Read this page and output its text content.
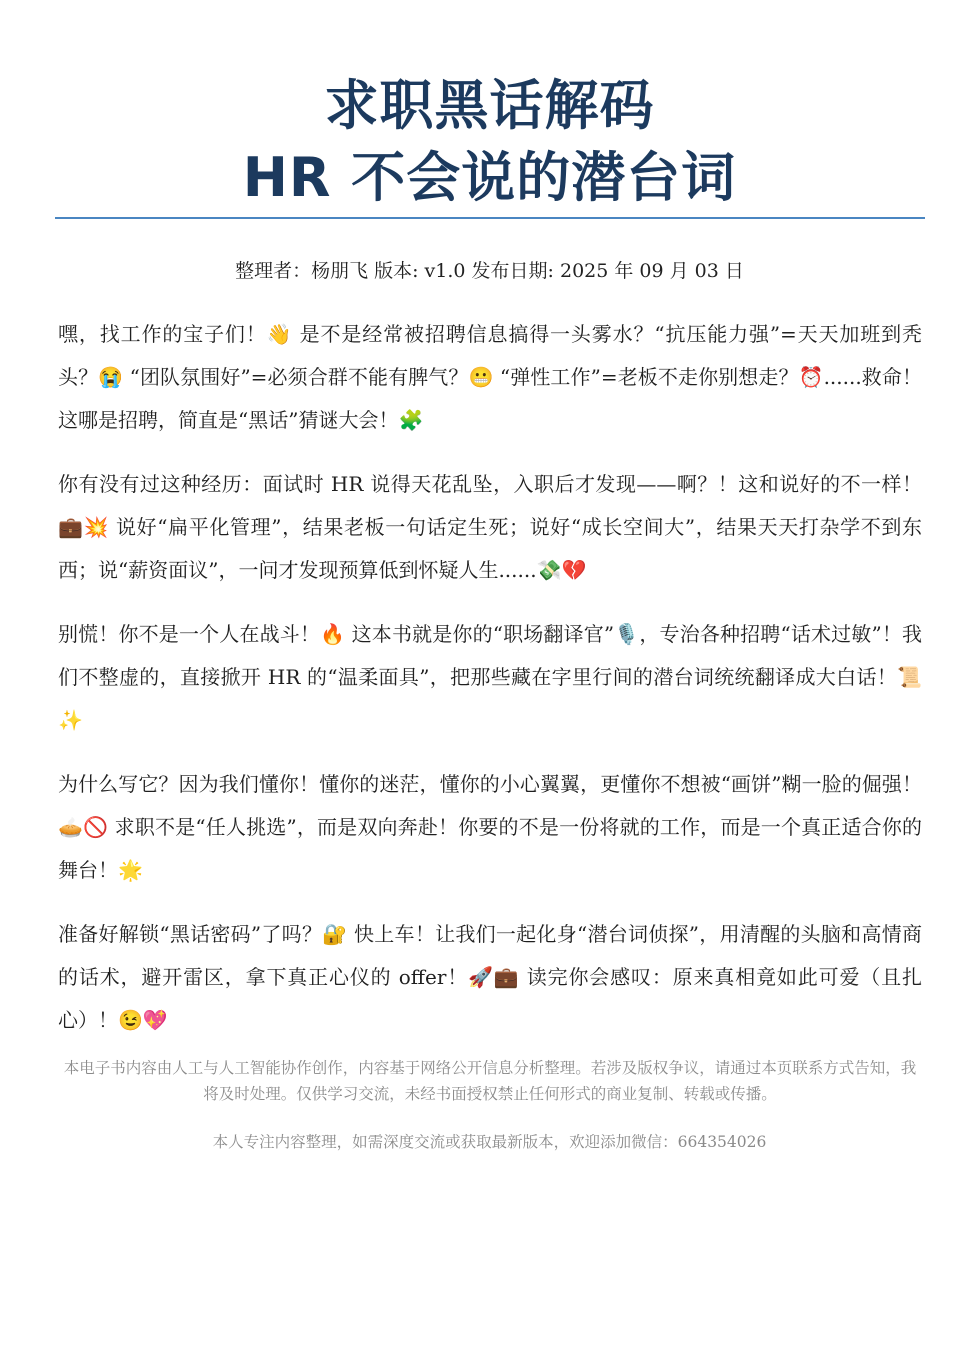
求职黑话解码
HR 不会说的潜台词
整理者：杨朋飞 版本: v1.0 发布日期: 2025 年 09 月 03 日

嘿，找工作的宝子们！👋 是不是经常被招聘信息搞得一头雾水？“抗压能力强”=天天加班到秃头？😭 “团队氛围好”=必须合群不能有脾气？😬 “弹性工作”=老板不走你别想走？⏰......救命！这哪是招聘，简直是“黑话”猜谜大会！🧩

你有没有过这种经历：面试时 HR 说得天花乱坠，入职后才发现——啊？！这和说好的不一样！💼💥 说好“扁平化管理”，结果老板一句话定生死；说好“成长空间大”，结果天天打杂学不到东西；说“薪资面议”，一问才发现预算低到怀疑人生......💸💔

别慌！你不是一个人在战斗！🔥 这本书就是你的“职场翻译官”🎙️，专治各种招聘“话术过敏”！我们不整虚的，直接掀开 HR 的“温柔面具”，把那些藏在字里行间的潜台词统统翻译成大白话！📜✨

为什么写它？因为我们懂你！懂你的迷茫，懂你的小心翼翼，更懂你不想被“画饼”糊一脸的倔强！🥧🚫 求职不是“任人挑选”，而是双向奔赴！你要的不是一份将就的工作，而是一个真正适合你的舞台！🌟

准备好解锁“黑话密码”了吗？🔐 快上车！让我们一起化身“潜台词侦探”，用清醒的头脑和高情商的话术，避开雷区，拿下真正心仪的 offer！🚀💼 读完你会感叹：原来真相竟如此可爱（且扎心）！😉💖

本电子书内容由人工与人工智能协作创作，内容基于网络公开信息分析整理。若涉及版权争议，请通过本页联系方式告知，我将及时处理。仅供学习交流，未经书面授权禁止任何形式的商业复制、转载或传播。
本人专注内容整理，如需深度交流或获取最新版本，欢迎添加微信：664354026
